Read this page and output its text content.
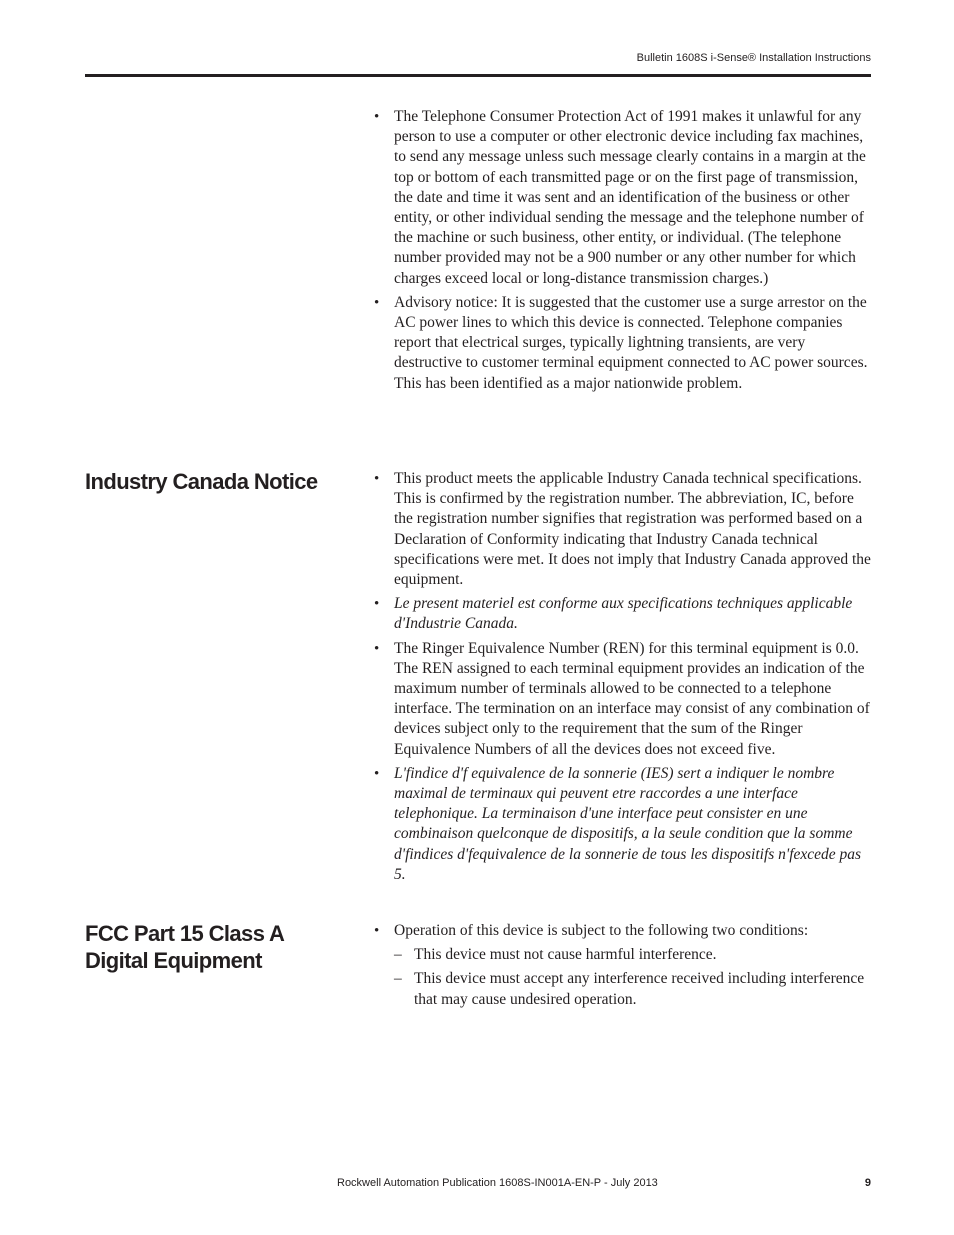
Bulletin 1608S i-Sense® Installation Instructions
• The Telephone Consumer Protection Act of 1991 makes it unlawful for any person to use a computer or other electronic device including fax machines, to send any message unless such message clearly contains in a margin at the top or bottom of each transmitted page or on the first page of transmission, the date and time it was sent and an identification of the business or other entity, or other individual sending the message and the telephone number of the machine or such business, other entity, or individual. (The telephone number provided may not be a 900 number or any other number for which charges exceed local or long-distance transmission charges.)
• Advisory notice: It is suggested that the customer use a surge arrestor on the AC power lines to which this device is connected. Telephone companies report that electrical surges, typically lightning transients, are very destructive to customer terminal equipment connected to AC power sources. This has been identified as a major nationwide problem.
Industry Canada Notice
•	This product meets the applicable Industry Canada technical specifications. This is confirmed by the registration number. The abbreviation, IC, before the registration number signifies that registration was performed based on a Declaration of Conformity indicating that Industry Canada technical specifications were met. It does not imply that Industry Canada approved the equipment.
• Le present materiel est conforme aux specifications techniques applicable d'Industrie Canada.
• The Ringer Equivalence Number (REN) for this terminal equipment is 0.0. The REN assigned to each terminal equipment provides an indication of the maximum number of terminals allowed to be connected to a telephone interface. The termination on an interface may consist of any combination of devices subject only to the requirement that the sum of the Ringer Equivalence Numbers of all the devices does not exceed five.
• L'findice d'f equivalence de la sonnerie (IES) sert a indiquer le nombre maximal de terminaux qui peuvent etre raccordes a une interface telephonique. La terminaison d'une interface peut consister en une combinaison quelconque de dispositifs, a la seule condition que la somme d'findices d'fequivalence de la sonnerie de tous les dispositifs n'fexcede pas 5.
FCC Part 15 Class A Digital Equipment
• Operation of this device is subject to the following two conditions:
– This device must not cause harmful interference.
– This device must accept any interference received including interference that may cause undesired operation.
Rockwell Automation Publication 1608S-IN001A-EN-P - July 2013	9
